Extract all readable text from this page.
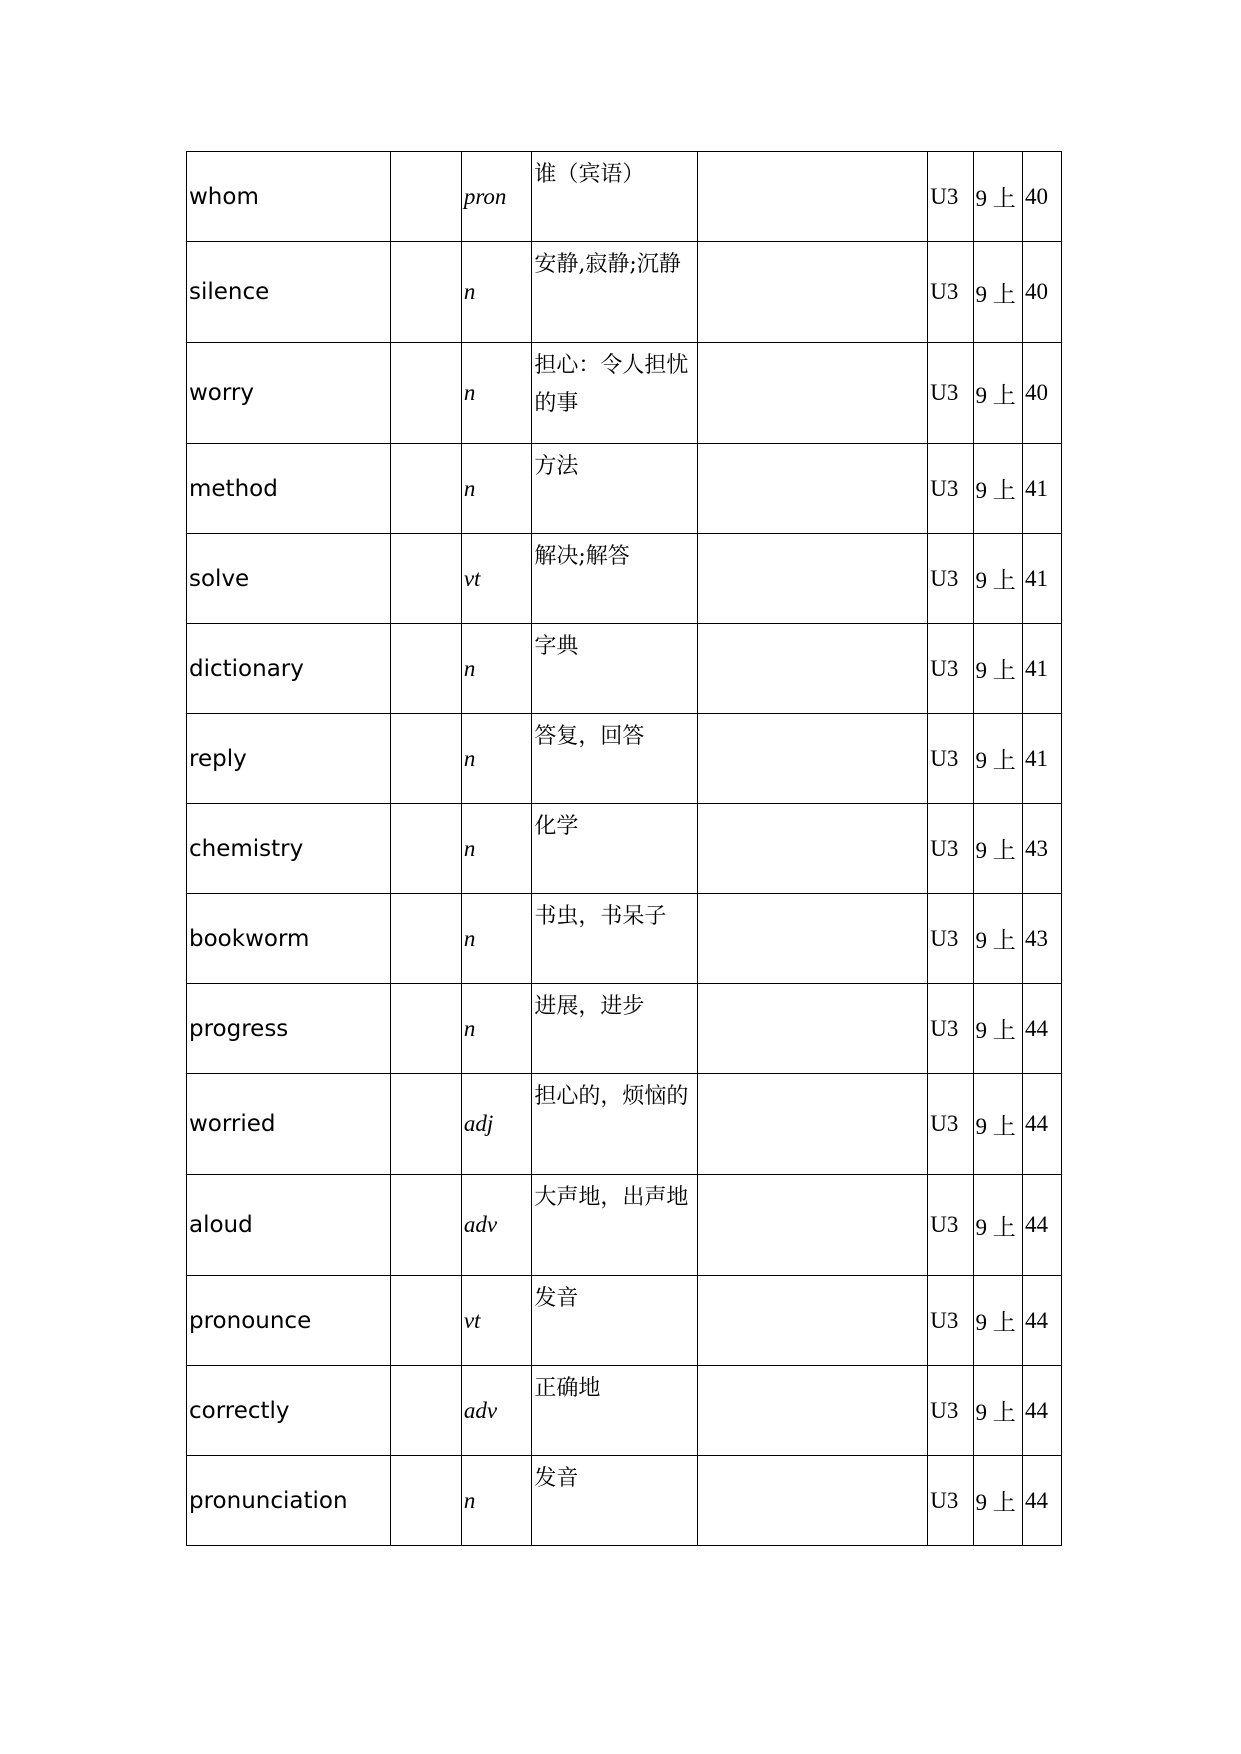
whom		pron	谁（宾语）		U3	9 上	40
silence		n	安静,寂静;沉静		U3	9 上	40
worry		n	担心：令人担忧的事		U3	9 上	40
method		n	方法		U3	9 上	41
solve		vt	解决;解答		U3	9 上	41
dictionary		n	字典		U3	9 上	41
reply		n	答复，回答		U3	9 上	41
chemistry		n	化学		U3	9 上	43
bookworm		n	书虫，书呆子		U3	9 上	43
progress		n	进展，进步		U3	9 上	44
worried		adj	担心的，烦恼的		U3	9 上	44
aloud		adv	大声地，出声地		U3	9 上	44
pronounce		vt	发音		U3	9 上	44
correctly		adv	正确地		U3	9 上	44
pronunciation		n	发音		U3	9 上	44
